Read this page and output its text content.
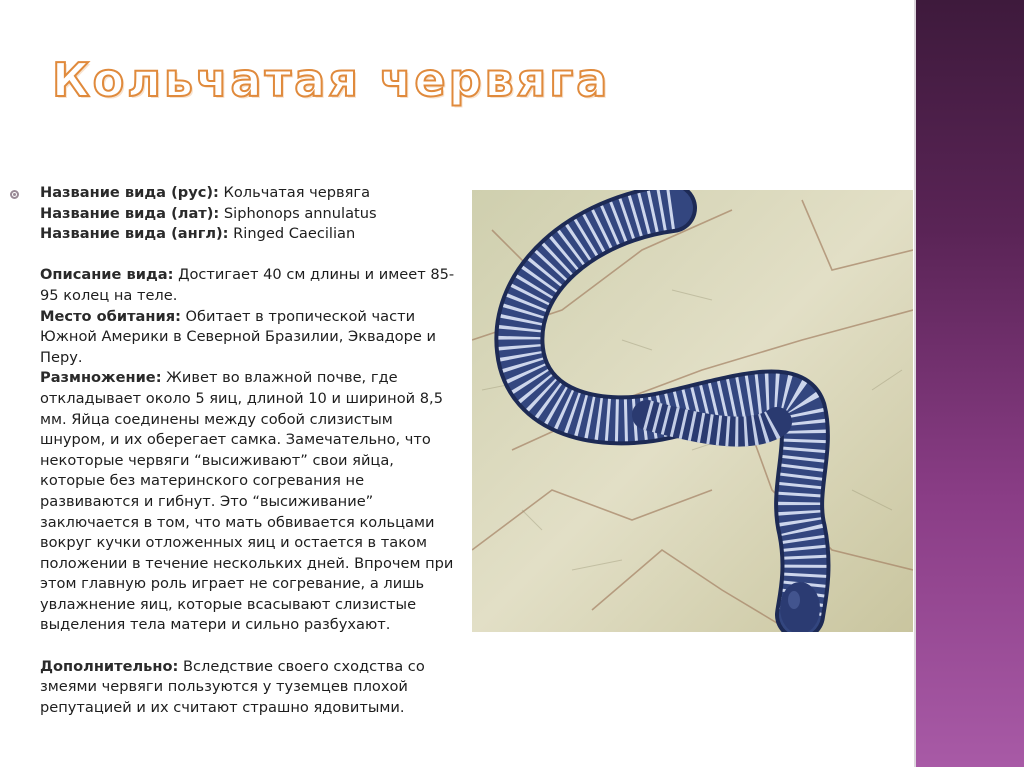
Кольчатая червяга

Название вида (рус): Кольчатая червяга

Название вида (лат): Siphonops annulatus

Название вида (англ): Ringed Caecilian

Описание вида: Достигает 40 см длины и имеет 85-95 колец на теле.

Место обитания: Обитает в тропической части Южной Америки в Северной Бразилии, Эквадоре и Перу.

Размножение: Живет во влажной почве, где откладывает около 5 яиц, длиной 10 и шириной 8,5 мм. Яйца соединены между собой слизистым шнуром, и их оберегает самка. Замечательно, что некоторые червяги “высиживают” свои яйца, которые без материнского согревания не развиваются и гибнут. Это “высиживание” заключается в том, что мать обвивается кольцами вокруг кучки отложенных яиц и остается в таком положении в течение нескольких дней. Впрочем при этом главную роль играет не согревание, а лишь увлажнение яиц, которые всасывают слизистые выделения тела матери и сильно разбухают.

Дополнительно: Вследствие своего сходства со змеями червяги пользуются у туземцев плохой репутацией и их считают страшно ядовитыми.
